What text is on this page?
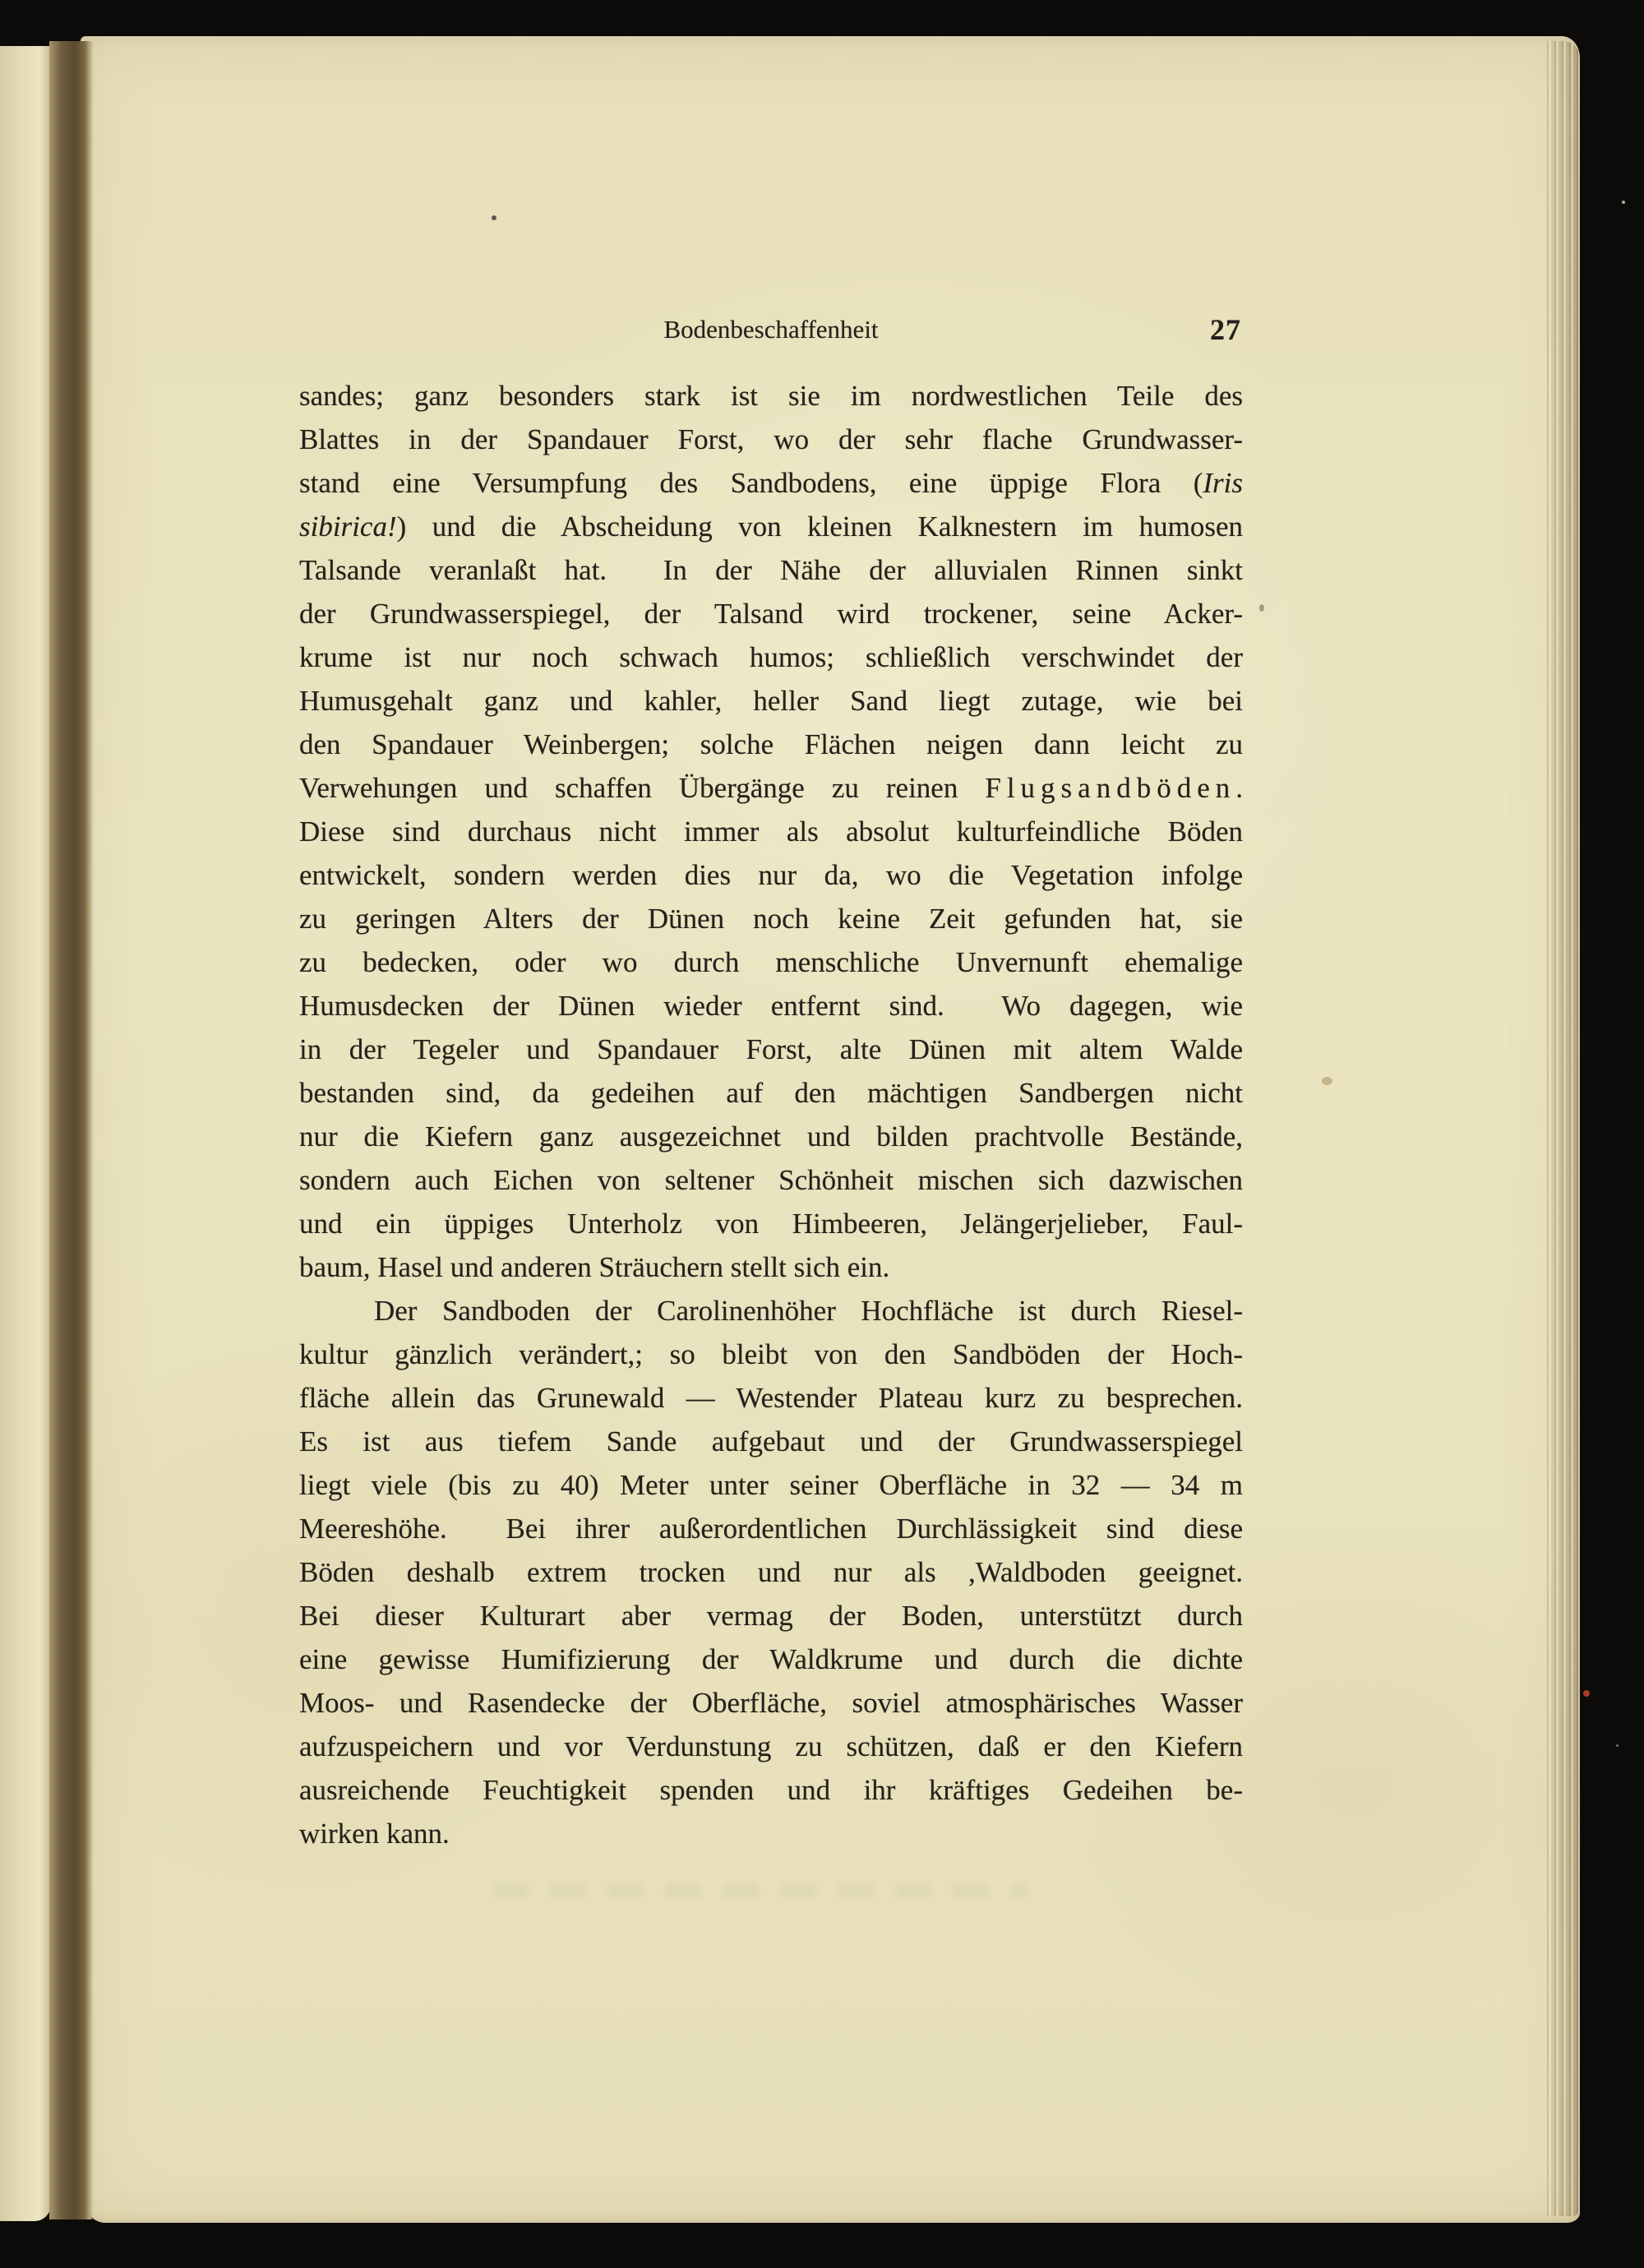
Bodenbeschaffenheit	27
sandes; ganz besonders stark ist sie im nordwestlichen Teile des
Blattes in der Spandauer Forst, wo der sehr flache Grundwasser-
stand eine Versumpfung des Sandbodens, eine üppige Flora (Iris
sibirica!) und die Abscheidung von kleinen Kalknestern im humosen
Talsande veranlaßt hat.  In der Nähe der alluvialen Rinnen sinkt
der Grundwasserspiegel, der Talsand wird trockener, seine Acker-
krume ist nur noch schwach humos; schließlich verschwindet der
Humusgehalt ganz und kahler, heller Sand liegt zutage, wie bei
den Spandauer Weinbergen; solche Flächen neigen dann leicht zu
Verwehungen und schaffen Übergänge zu reinen Flugsandböden.
Diese sind durchaus nicht immer als absolut kulturfeindliche Böden
entwickelt, sondern werden dies nur da, wo die Vegetation infolge
zu geringen Alters der Dünen noch keine Zeit gefunden hat, sie
zu bedecken, oder wo durch menschliche Unvernunft ehemalige
Humusdecken der Dünen wieder entfernt sind.  Wo dagegen, wie
in der Tegeler und Spandauer Forst, alte Dünen mit altem Walde
bestanden sind, da gedeihen auf den mächtigen Sandbergen nicht
nur die Kiefern ganz ausgezeichnet und bilden prachtvolle Bestände,
sondern auch Eichen von seltener Schönheit mischen sich dazwischen
und ein üppiges Unterholz von Himbeeren, Jelängerjelieber, Faul-
baum, Hasel und anderen Sträuchern stellt sich ein.
Der Sandboden der Carolinenhöher Hochfläche ist durch Riesel-
kultur gänzlich verändert,; so bleibt von den Sandböden der Hoch-
fläche allein das Grunewald — Westender Plateau kurz zu besprechen.
Es ist aus tiefem Sande aufgebaut und der Grundwasserspiegel
liegt viele (bis zu 40) Meter unter seiner Oberfläche in 32 — 34 m
Meereshöhe.  Bei ihrer außerordentlichen Durchlässigkeit sind diese
Böden deshalb extrem trocken und nur als ,Waldboden geeignet.
Bei dieser Kulturart aber vermag der Boden, unterstützt durch
eine gewisse Humifizierung der Waldkrume und durch die dichte
Moos- und Rasendecke der Oberfläche, soviel atmosphärisches Wasser
aufzuspeichern und vor Verdunstung zu schützen, daß er den Kiefern
ausreichende Feuchtigkeit spenden und ihr kräftiges Gedeihen be-
wirken kann.
